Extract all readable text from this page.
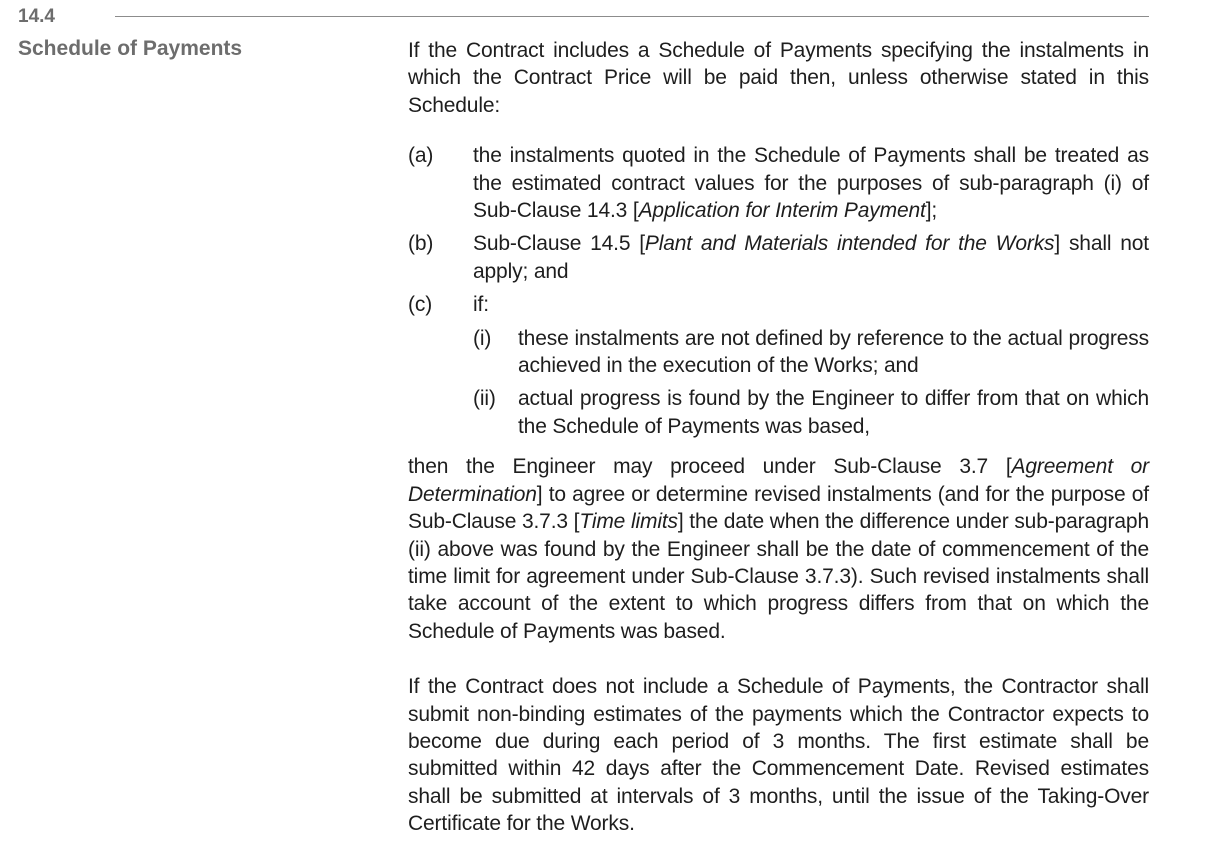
14.4
Schedule of Payments	If the Contract includes a Schedule of Payments specifying the instalments in which the Contract Price will be paid then, unless otherwise stated in this Schedule:

(a)	the instalments quoted in the Schedule of Payments shall be treated as the estimated contract values for the purposes of sub-paragraph (i) of Sub-Clause 14.3 [Application for Interim Payment];
(b)	Sub-Clause 14.5 [Plant and Materials intended for the Works] shall not apply; and
(c)	if:
(i)	these instalments are not defined by reference to the actual progress achieved in the execution of the Works; and
(ii)	actual progress is found by the Engineer to differ from that on which the Schedule of Payments was based,

then the Engineer may proceed under Sub-Clause 3.7 [Agreement or Determination] to agree or determine revised instalments (and for the purpose of Sub-Clause 3.7.3 [Time limits] the date when the difference under sub-paragraph (ii) above was found by the Engineer shall be the date of commencement of the time limit for agreement under Sub-Clause 3.7.3). Such revised instalments shall take account of the extent to which progress differs from that on which the Schedule of Payments was based.

If the Contract does not include a Schedule of Payments, the Contractor shall submit non-binding estimates of the payments which the Contractor expects to become due during each period of 3 months. The first estimate shall be submitted within 42 days after the Commencement Date. Revised estimates shall be submitted at intervals of 3 months, until the issue of the Taking-Over Certificate for the Works.
